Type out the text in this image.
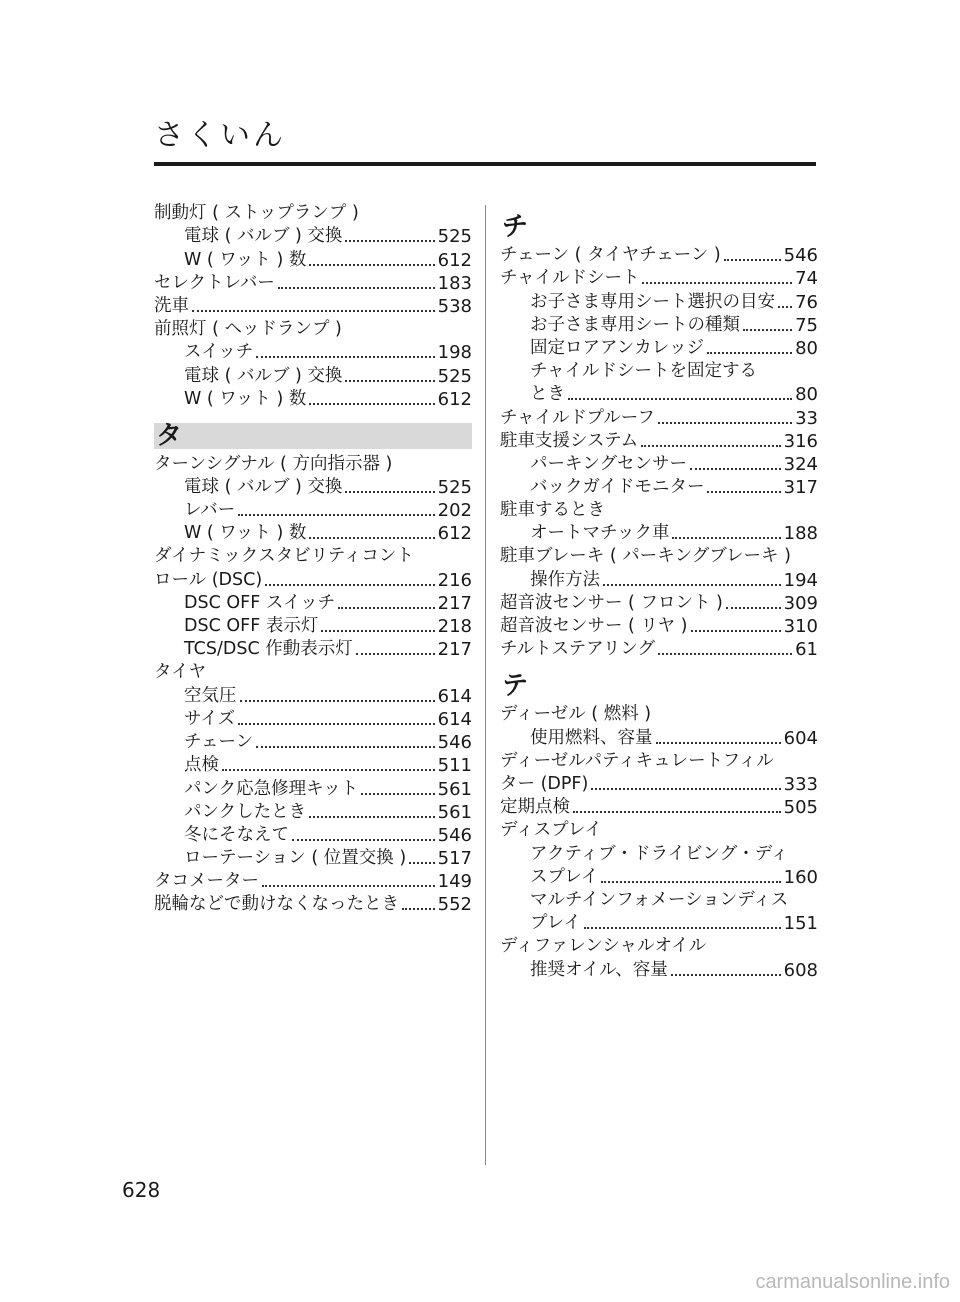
さくいん
制動灯 ( ストップランプ )
電球 ( バルブ ) 交換	525
W ( ワット ) 数	612
セレクトレバー	183
洗車	538
前照灯 ( ヘッドランプ )
スイッチ	198
電球 ( バルブ ) 交換	525
W ( ワット ) 数	612
タ
ターンシグナル ( 方向指示器 )
電球 ( バルブ ) 交換	525
レバー	202
W ( ワット ) 数	612
ダイナミックスタビリティコント
ロール (DSC)	216
DSC OFF スイッチ	217
DSC OFF 表示灯	218
TCS/DSC 作動表示灯	217
タイヤ
空気圧	614
サイズ	614
チェーン	546
点検	511
パンク応急修理キット	561
パンクしたとき	561
冬にそなえて	546
ローテーション ( 位置交換 ) 517
タコメーター	149
脱輪などで動けなくなったとき 552
チ
チェーン ( タイヤチェーン )	546
チャイルドシート	74
お子さま専用シート選択の目安 76
お子さま専用シートの種類	75
固定ロアアンカレッジ	80
チャイルドシートを固定する
とき	80
チャイルドプルーフ	33
駐車支援システム	316
パーキングセンサー	324
バックガイドモニター	317
駐車するとき
オートマチック車	188
駐車ブレーキ ( パーキングブレーキ )
操作方法	194
超音波センサー ( フロント )	309
超音波センサー ( リヤ )	310
チルトステアリング	61
テ
ディーゼル ( 燃料 )
使用燃料、容量	604
ディーゼルパティキュレートフィル
ター (DPF)	333
定期点検	505
ディスプレイ
アクティブ・ドライビング・ディ
スプレイ	160
マルチインフォメーションディス
プレイ	151
ディファレンシャルオイル
推奨オイル、容量	608
628
carmanualsonline.info
